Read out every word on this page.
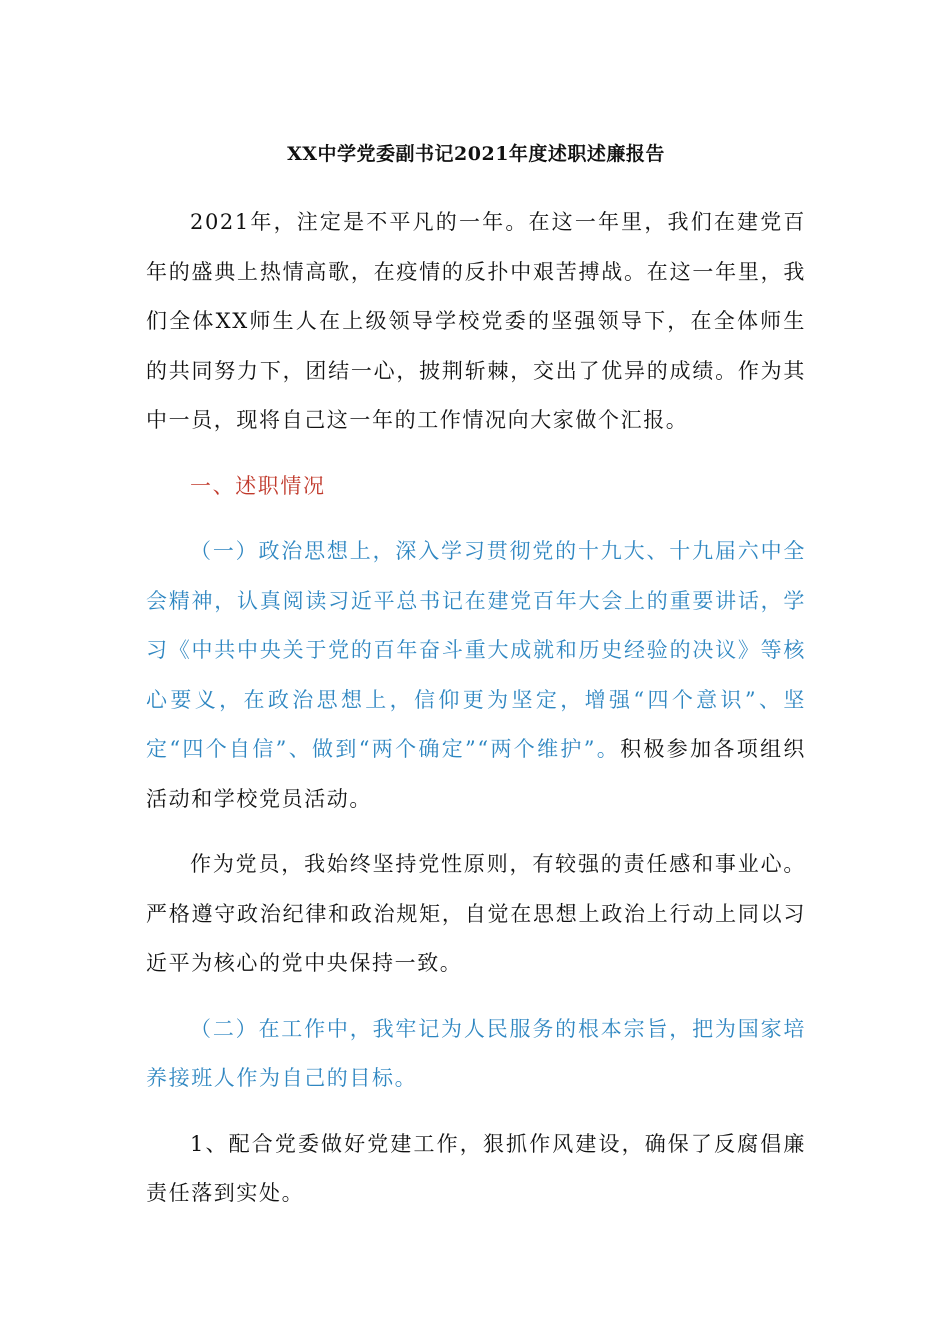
XX中学党委副书记2021年度述职述廉报告

2021年，注定是不平凡的一年。在这一年里，我们在建党百年的盛典上热情高歌，在疫情的反扑中艰苦搏战。在这一年里，我们全体XX师生人在上级领导学校党委的坚强领导下，在全体师生的共同努力下，团结一心，披荆斩棘，交出了优异的成绩。作为其中一员，现将自己这一年的工作情况向大家做个汇报。

一、述职情况

（一）政治思想上，深入学习贯彻党的十九大、十九届六中全会精神，认真阅读习近平总书记在建党百年大会上的重要讲话，学习《中共中央关于党的百年奋斗重大成就和历史经验的决议》等核心要义，在政治思想上，信仰更为坚定，增强“四个意识”、坚定“四个自信”、做到“两个确定”“两个维护”。积极参加各项组织活动和学校党员活动。

作为党员，我始终坚持党性原则，有较强的责任感和事业心。严格遵守政治纪律和政治规矩，自觉在思想上政治上行动上同以习近平为核心的党中央保持一致。

（二）在工作中，我牢记为人民服务的根本宗旨，把为国家培养接班人作为自己的目标。

1、配合党委做好党建工作，狠抓作风建设，确保了反腐倡廉责任落到实处。
